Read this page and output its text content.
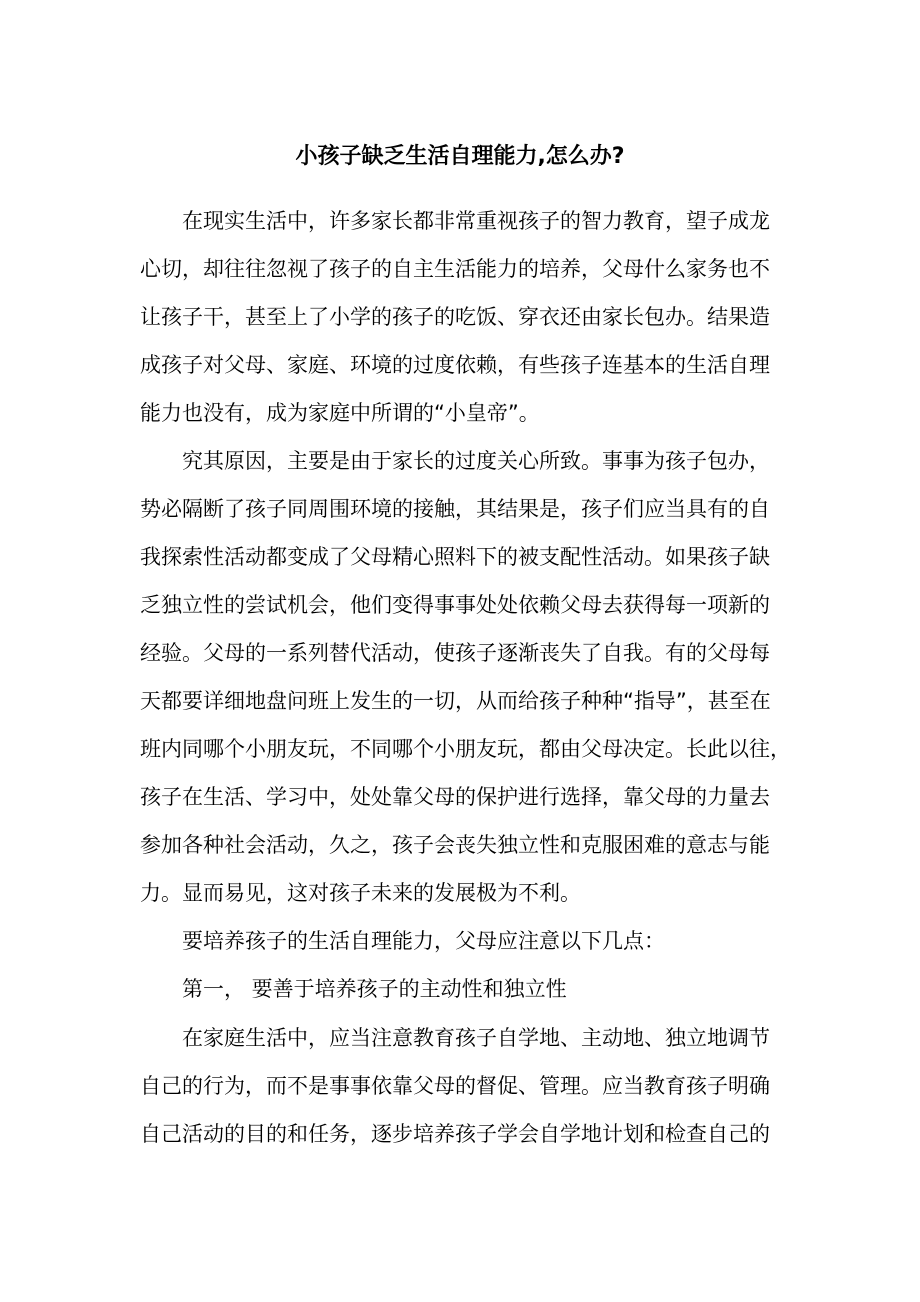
小孩子缺乏生活自理能力,怎么办?
在现实生活中，许多家长都非常重视孩子的智力教育，望子成龙
心切，却往往忽视了孩子的自主生活能力的培养，父母什么家务也不
让孩子干，甚至上了小学的孩子的吃饭、穿衣还由家长包办。结果造
成孩子对父母、家庭、环境的过度依赖，有些孩子连基本的生活自理
能力也没有，成为家庭中所谓的“小皇帝”。
究其原因，主要是由于家长的过度关心所致。事事为孩子包办，
势必隔断了孩子同周围环境的接触，其结果是，孩子们应当具有的自
我探索性活动都变成了父母精心照料下的被支配性活动。如果孩子缺
乏独立性的尝试机会，他们变得事事处处依赖父母去获得每一项新的
经验。父母的一系列替代活动，使孩子逐渐丧失了自我。有的父母每
天都要详细地盘问班上发生的一切，从而给孩子种种“指导”，甚至在
班内同哪个小朋友玩，不同哪个小朋友玩，都由父母决定。长此以往，
孩子在生活、学习中，处处靠父母的保护进行选择，靠父母的力量去
参加各种社会活动，久之，孩子会丧失独立性和克服困难的意志与能
力。显而易见，这对孩子未来的发展极为不利。
要培养孩子的生活自理能力，父母应注意以下几点：
第一， 要善于培养孩子的主动性和独立性
在家庭生活中，应当注意教育孩子自学地、主动地、独立地调节
自己的行为，而不是事事依靠父母的督促、管理。应当教育孩子明确
自己活动的目的和任务，逐步培养孩子学会自学地计划和检查自己的
